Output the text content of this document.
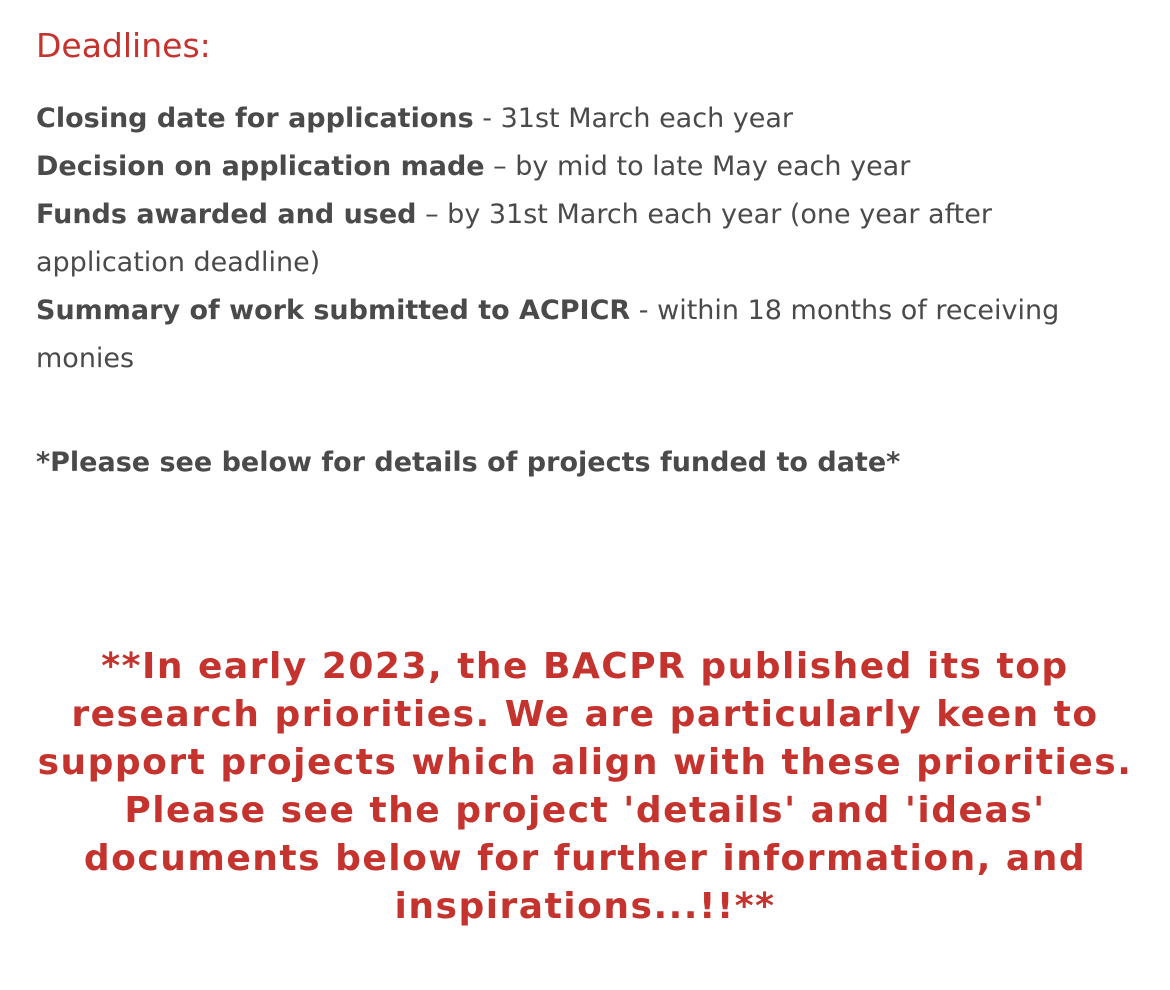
Deadlines:
Closing date for applications - 31st March each year
Decision on application made – by mid to late May each year
Funds awarded and used – by 31st March each year (one year after application deadline)
Summary of work submitted to ACPICR - within 18 months of receiving monies

*Please see below for details of projects funded to date*

**In early 2023, the BACPR published its top research priorities. We are particularly keen to support projects which align with these priorities. Please see the project 'details' and 'ideas' documents below for further information, and inspirations...!!**
